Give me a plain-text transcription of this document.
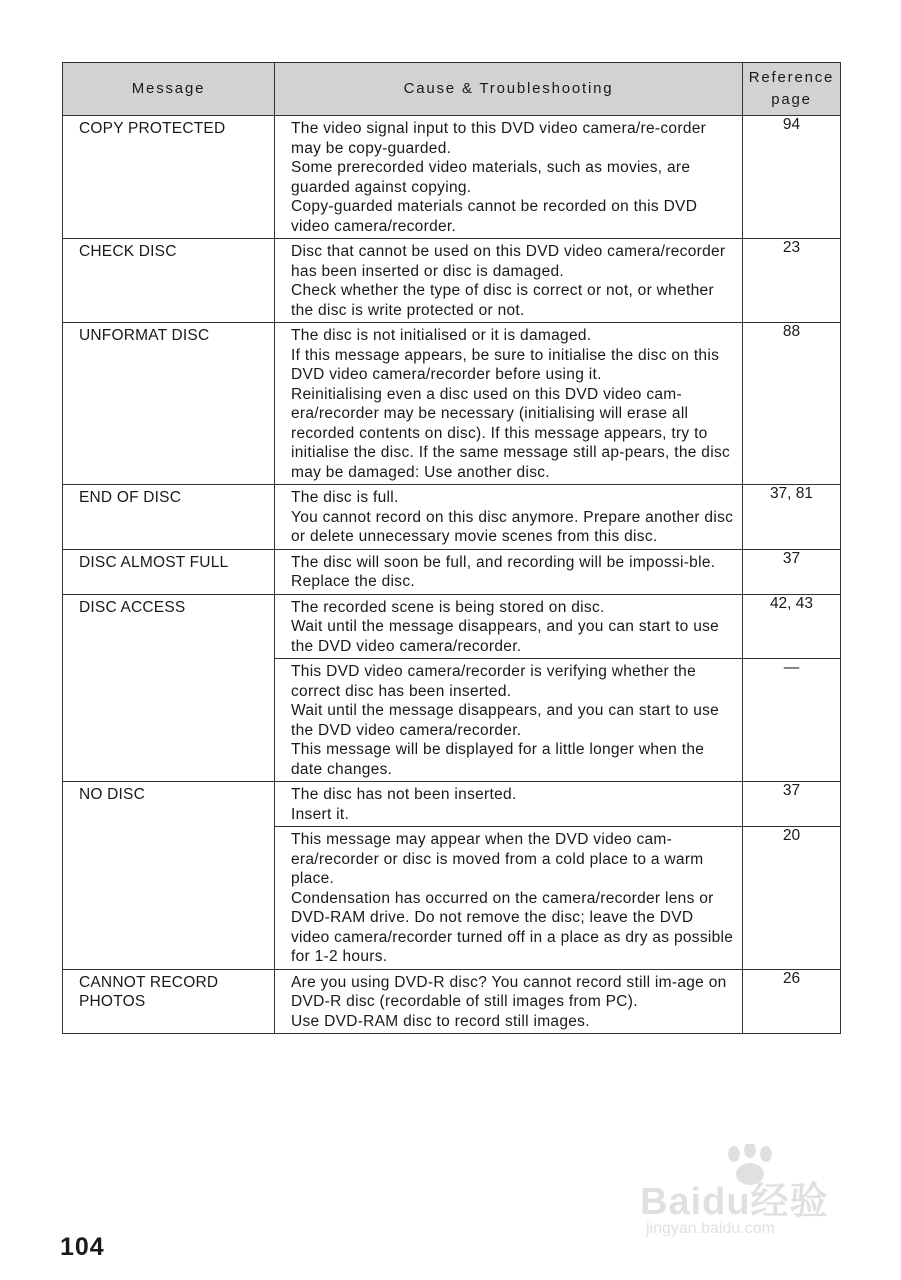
Message	Cause & Troubleshooting	Reference
page
COPY PROTECTED	The video signal input to this DVD video camera/re-corder may be copy-guarded.
Some prerecorded video materials, such as movies, are guarded against copying.
Copy-guarded materials cannot be recorded on this DVD video camera/recorder.	94
CHECK DISC	Disc that cannot be used on this DVD video camera/recorder has been inserted or disc is damaged.
Check whether the type of disc is correct or not, or whether the disc is write protected or not.	23
UNFORMAT DISC	The disc is not initialised or it is damaged.
If this message appears, be sure to initialise the disc on this DVD video camera/recorder before using it.
Reinitialising even a disc used on this DVD video cam-era/recorder may be necessary (initialising will erase all recorded contents on disc). If this message appears, try to initialise the disc. If the same message still ap-pears, the disc may be damaged: Use another disc.	88
END OF DISC	The disc is full.
You cannot record on this disc anymore. Prepare another disc or delete unnecessary movie scenes from this disc.	37, 81
DISC ALMOST FULL	The disc will soon be full, and recording will be impossi-ble.
Replace the disc.	37
DISC ACCESS	The recorded scene is being stored on disc.
Wait until the message disappears, and you can start to use the DVD video camera/recorder.	42, 43

	This DVD video camera/recorder is verifying whether the correct disc has been inserted.
Wait until the message disappears, and you can start to use the DVD video camera/recorder.
This message will be displayed for a little longer when the date changes.	—
NO DISC	The disc has not been inserted.
Insert it.	37

	This message may appear when the DVD video cam-era/recorder or disc is moved from a cold place to a warm place.
Condensation has occurred on the camera/recorder lens or DVD-RAM drive. Do not remove the disc; leave the DVD video camera/recorder turned off in a place as dry as possible for 1-2 hours.	20
CANNOT RECORD PHOTOS	Are you using DVD-R disc? You cannot record still im-age on DVD-R disc (recordable of still images from PC).
Use DVD-RAM disc to record still images.	26
Baidu经验
jingyan.baidu.com
104
